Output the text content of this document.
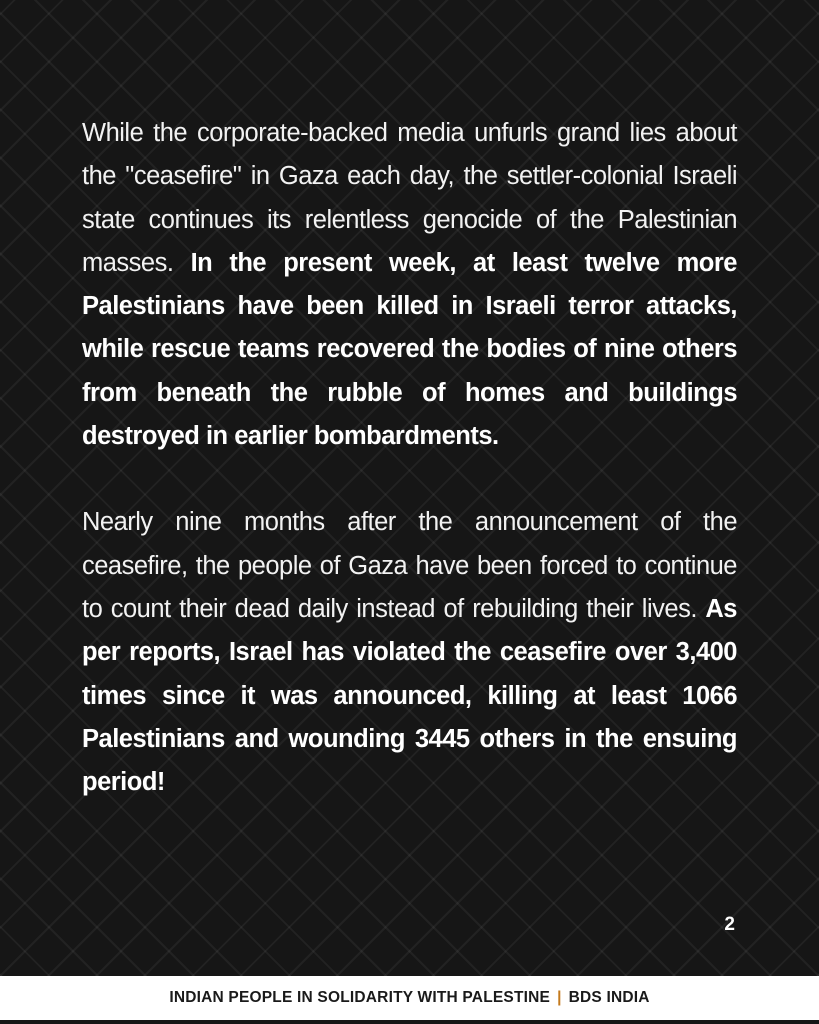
While the corporate-backed media unfurls grand lies about the "ceasefire" in Gaza each day, the settler-colonial Israeli state continues its relentless genocide of the Palestinian masses. In the present week, at least twelve more Palestinians have been killed in Israeli terror attacks, while rescue teams recovered the bodies of nine others from beneath the rubble of homes and buildings destroyed in earlier bombardments.

Nearly nine months after the announcement of the ceasefire, the people of Gaza have been forced to continue to count their dead daily instead of rebuilding their lives. As per reports, Israel has violated the ceasefire over 3,400 times since it was announced, killing at least 1066 Palestinians and wounding 3445 others in the ensuing period!

2
INDIAN PEOPLE IN SOLIDARITY WITH PALESTINE | BDS INDIA
